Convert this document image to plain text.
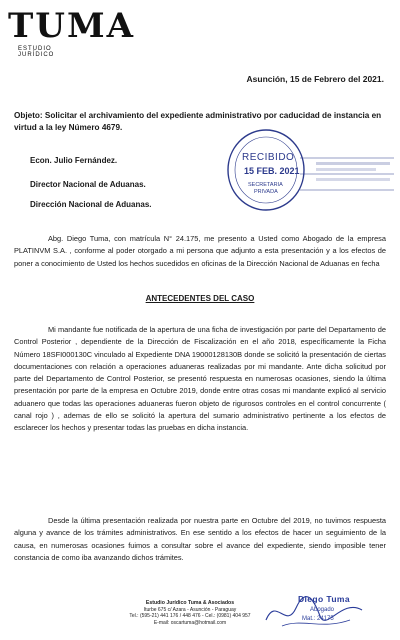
TUMA
ESTUDIO JURÍDICO
Asunción, 15 de Febrero del 2021.
Objeto: Solicitar el archivamiento del expediente administrativo por caducidad de instancia en virtud a la ley Número 4679.
Econ. Julio Fernández.
Director Nacional de Aduanas.
Dirección Nacional de Aduanas.
RECIBIDO
15 FEB. 2021
SECRETARIA
PRIVADA
Abg. Diego Tuma, con matrícula N° 24.175, me presento a Usted como Abogado de la empresa PLATINVM S.A. , conforme al poder otorgado a mi persona que adjunto a esta presentación y a los efectos de poner a conocimiento de Usted los hechos sucedidos en oficinas de la Dirección Nacional de Aduanas en fecha
ANTECEDENTES DEL CASO
Mi mandante fue notificada de la apertura de una ficha de investigación por parte del Departamento de Control Posterior , dependiente de la Dirección de Fiscalización en el año 2018, específicamente la Ficha Número 18SFI000130C vinculado al Expediente DNA 19000128130B donde se solicitó la presentación de ciertas documentaciones con relación a operaciones aduaneras realizadas por mi mandante. Ante dicha solicitud por parte del Departamento de Control Posterior, se presentó respuesta en numerosas ocasiones, siendo la última presentación por parte de la empresa en Octubre 2019, donde entre otras cosas mi mandante explicó al servicio aduanero que todas las operaciones aduaneras fueron objeto de rigurosos controles en el control concurrente ( canal rojo ) , ademas de ello se solicitó la apertura del sumario administrativo pertinente a los efectos de esclarecer los hechos y presentar todas las pruebas en dicha instancia.
Desde la última presentación realizada por nuestra parte en Octubre del 2019, no tuvimos respuesta alguna y avance de los trámites administrativos. En ese sentido a los efectos de hacer un seguimiento de la causa, en numerosas ocasiones fuimos a consultar sobre el avance del expediente, siendo imposible tener constancia de como iba avanzando dichos trámites.
Estudio Jurídico Tuma & Asociados
Iturbe 675 c/ Azara - Asunción - Paraguay
Tel.: (595-21) 441 176 / 448 476 - Cel.: (0981) 404 957
E-mail: oscartuma@hotmail.com
Diego Tuma
Abogado
Mat.: 24175
